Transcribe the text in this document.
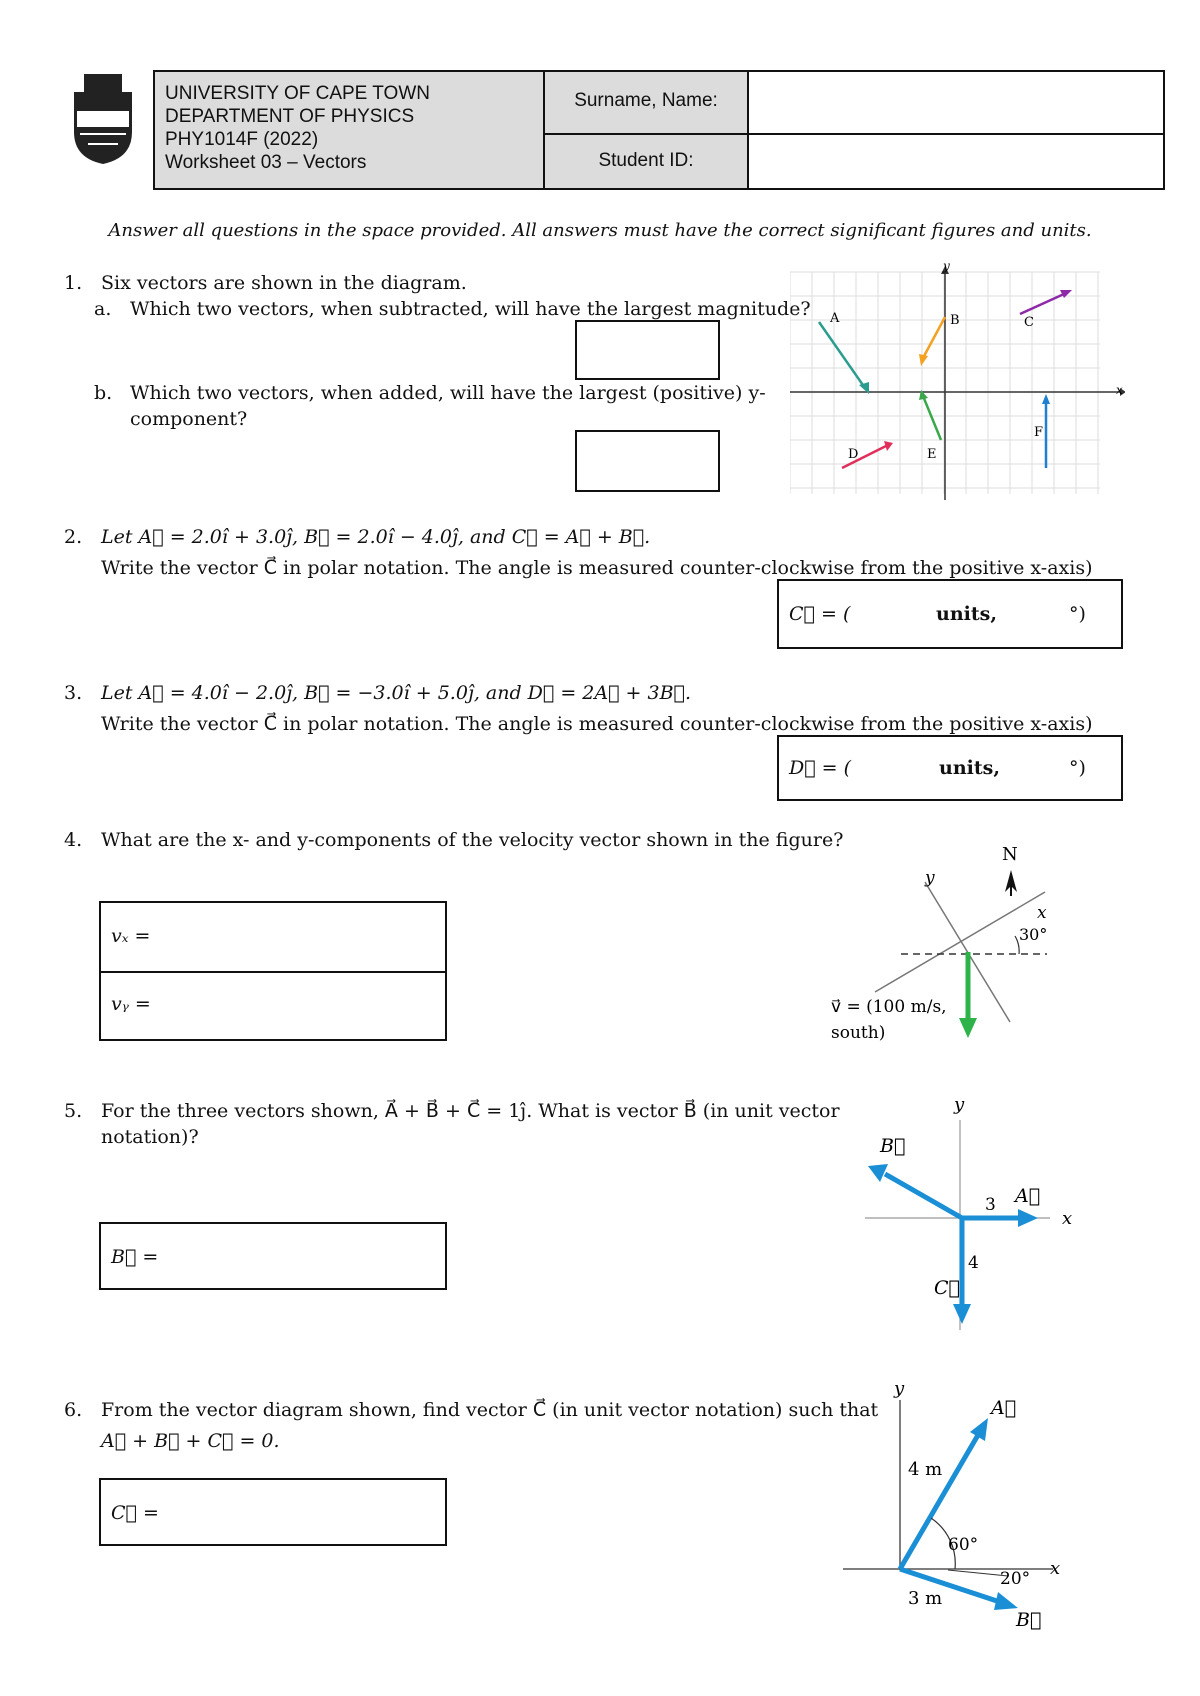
UNIVERSITY OF CAPE TOWN
DEPARTMENT OF PHYSICS
PHY1014F (2022)
Worksheet 03 – Vectors
Surname, Name:
Student ID:
Answer all questions in the space provided. All answers must have the correct significant figures and units.
1. Six vectors are shown in the diagram.
a. Which two vectors, when subtracted, will have the largest magnitude?
b. Which two vectors, when added, will have the largest (positive) y-
component?
x
y
A	B	C
D	E
F
2. Let A⃗ = 2.0î + 3.0ĵ, B⃗ = 2.0î − 4.0ĵ, and C⃗ = A⃗ + B⃗.
Write the vector C⃗ in polar notation. The angle is measured counter-clockwise from the positive x-axis)
C⃗ = (	units,	°)
3. Let A⃗ = 4.0î − 2.0ĵ, B⃗ = −3.0î + 5.0ĵ, and D⃗ = 2A⃗ + 3B⃗.
Write the vector C⃗ in polar notation. The angle is measured counter-clockwise from the positive x-axis)
D⃗ = (	units,	°)
4. What are the x- and y-components of the velocity vector shown in the figure?
vₓ =
vᵧ =
N
x
y
30°
v⃗ = (100 m/s,
south)
5. For the three vectors shown, A⃗ + B⃗ + C⃗ = 1ĵ. What is vector B⃗ (in unit vector
notation)?
B⃗ =
y
x
A⃗
3
B⃗
C⃗
4
6. From the vector diagram shown, find vector C⃗ (in unit vector notation) such that
A⃗ + B⃗ + C⃗ = 0.
C⃗ =
y
x
A⃗
4 m
60°
B⃗
3 m
20°
